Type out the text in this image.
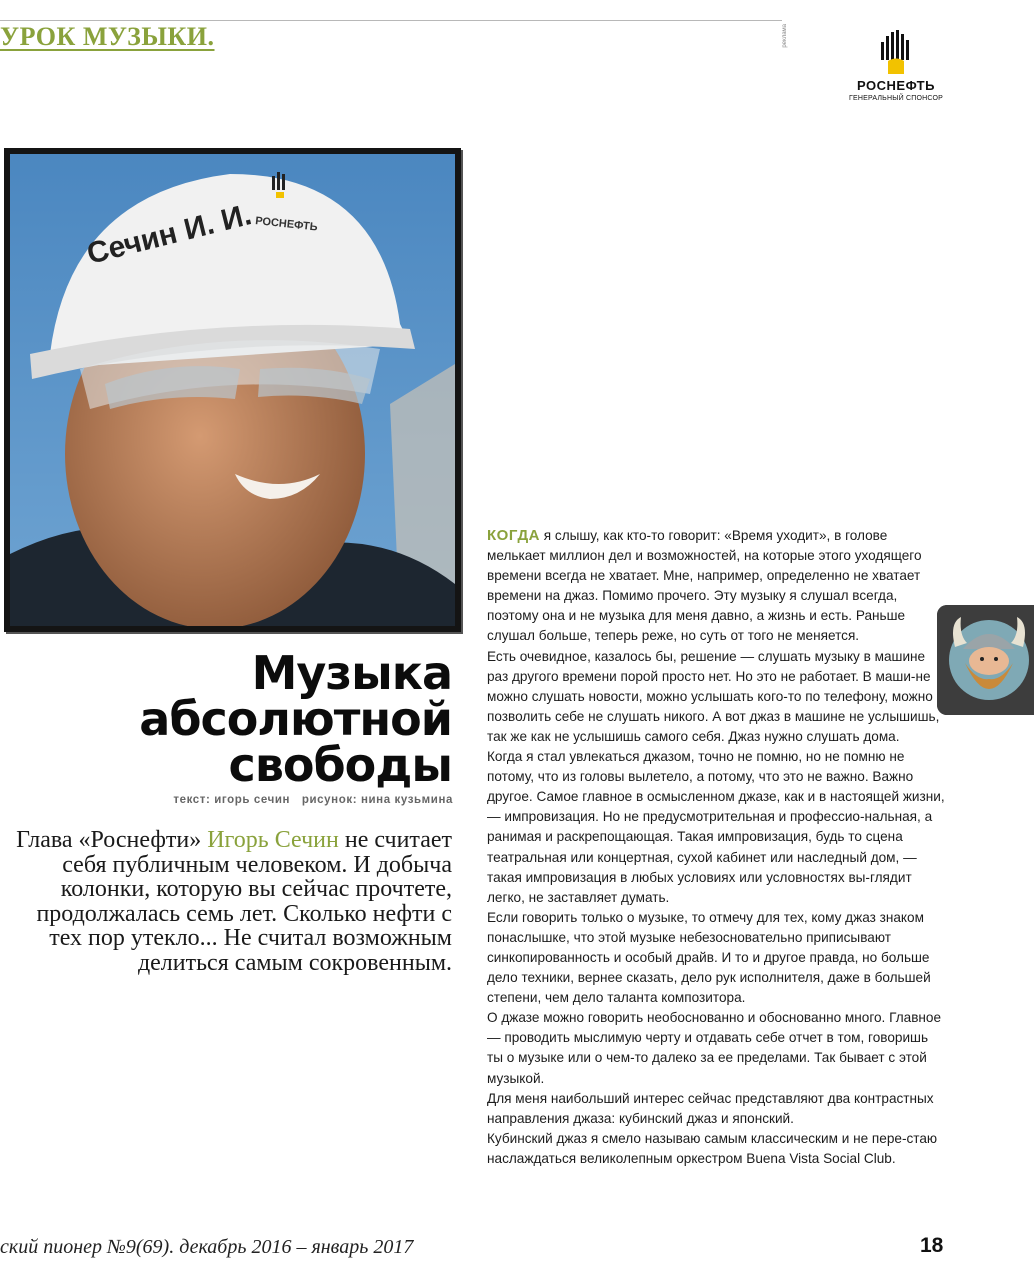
УРОК МУЗЫКИ.	реклама
РОСНЕФТЬ
ГЕНЕРАЛЬНЫЙ СПОНСОР
Сечин И. И. РОСНЕФТЬ
Музыка
абсолютной
свободы
текст: игорь сечин рисунок: нина кузьмина
Глава «Роснефти» Игорь Сечин не считает себя публичным человеком. И добыча колонки, которую вы сейчас прочтете, продолжалась семь лет. Сколько нефти с тех пор утекло... Не считал возможным делиться самым сокровенным.

КОГДА я слышу, как кто-то говорит: «Время уходит», в голове мелькает миллион дел и возможностей, на которые этого уходящего времени всегда не хватает. Мне, например, определенно не хватает времени на джаз. Помимо прочего. Эту музыку я слушал всегда, поэтому она и не музыка для меня давно, а жизнь и есть. Раньше слушал больше, теперь реже, но суть от того не меняется.

Есть очевидное, казалось бы, решение — слушать музыку в машине раз другого времени порой просто нет. Но это не работает. В маши-не можно слушать новости, можно услышать кого-то по телефону, можно позволить себе не слушать никого. А вот джаз в машине не услышишь, так же как не услышишь самого себя. Джаз нужно слушать дома.

Когда я стал увлекаться джазом, точно не помню, но не помню не потому, что из головы вылетело, а потому, что это не важно. Важно другое. Самое главное в осмысленном джазе, как и в настоящей жизни, — импровизация. Но не предусмотрительная и профессио-нальная, а ранимая и раскрепощающая. Такая импровизация, будь то сцена театральная или концертная, сухой кабинет или наследный дом, — такая импровизация в любых условиях или условностях вы-глядит легко, не заставляет думать.

Если говорить только о музыке, то отмечу для тех, кому джаз знаком понаслышке, что этой музыке небезосновательно приписывают синкопированность и особый драйв. И то и другое правда, но больше дело техники, вернее сказать, дело рук исполнителя, даже в большей степени, чем дело таланта композитора.

О джазе можно говорить необоснованно и обоснованно много. Главное — проводить мыслимую черту и отдавать себе отчет в том, говоришь ты о музыке или о чем-то далеко за ее пределами. Так бывает с этой музыкой.

Для меня наибольший интерес сейчас представляют два контрастных направления джаза: кубинский джаз и японский.

Кубинский джаз я смело называю самым классическим и не пере-стаю наслаждаться великолепным оркестром Buena Vista Social Club.

ский пионер №9(69). декабрь 2016 – январь 2017	18
